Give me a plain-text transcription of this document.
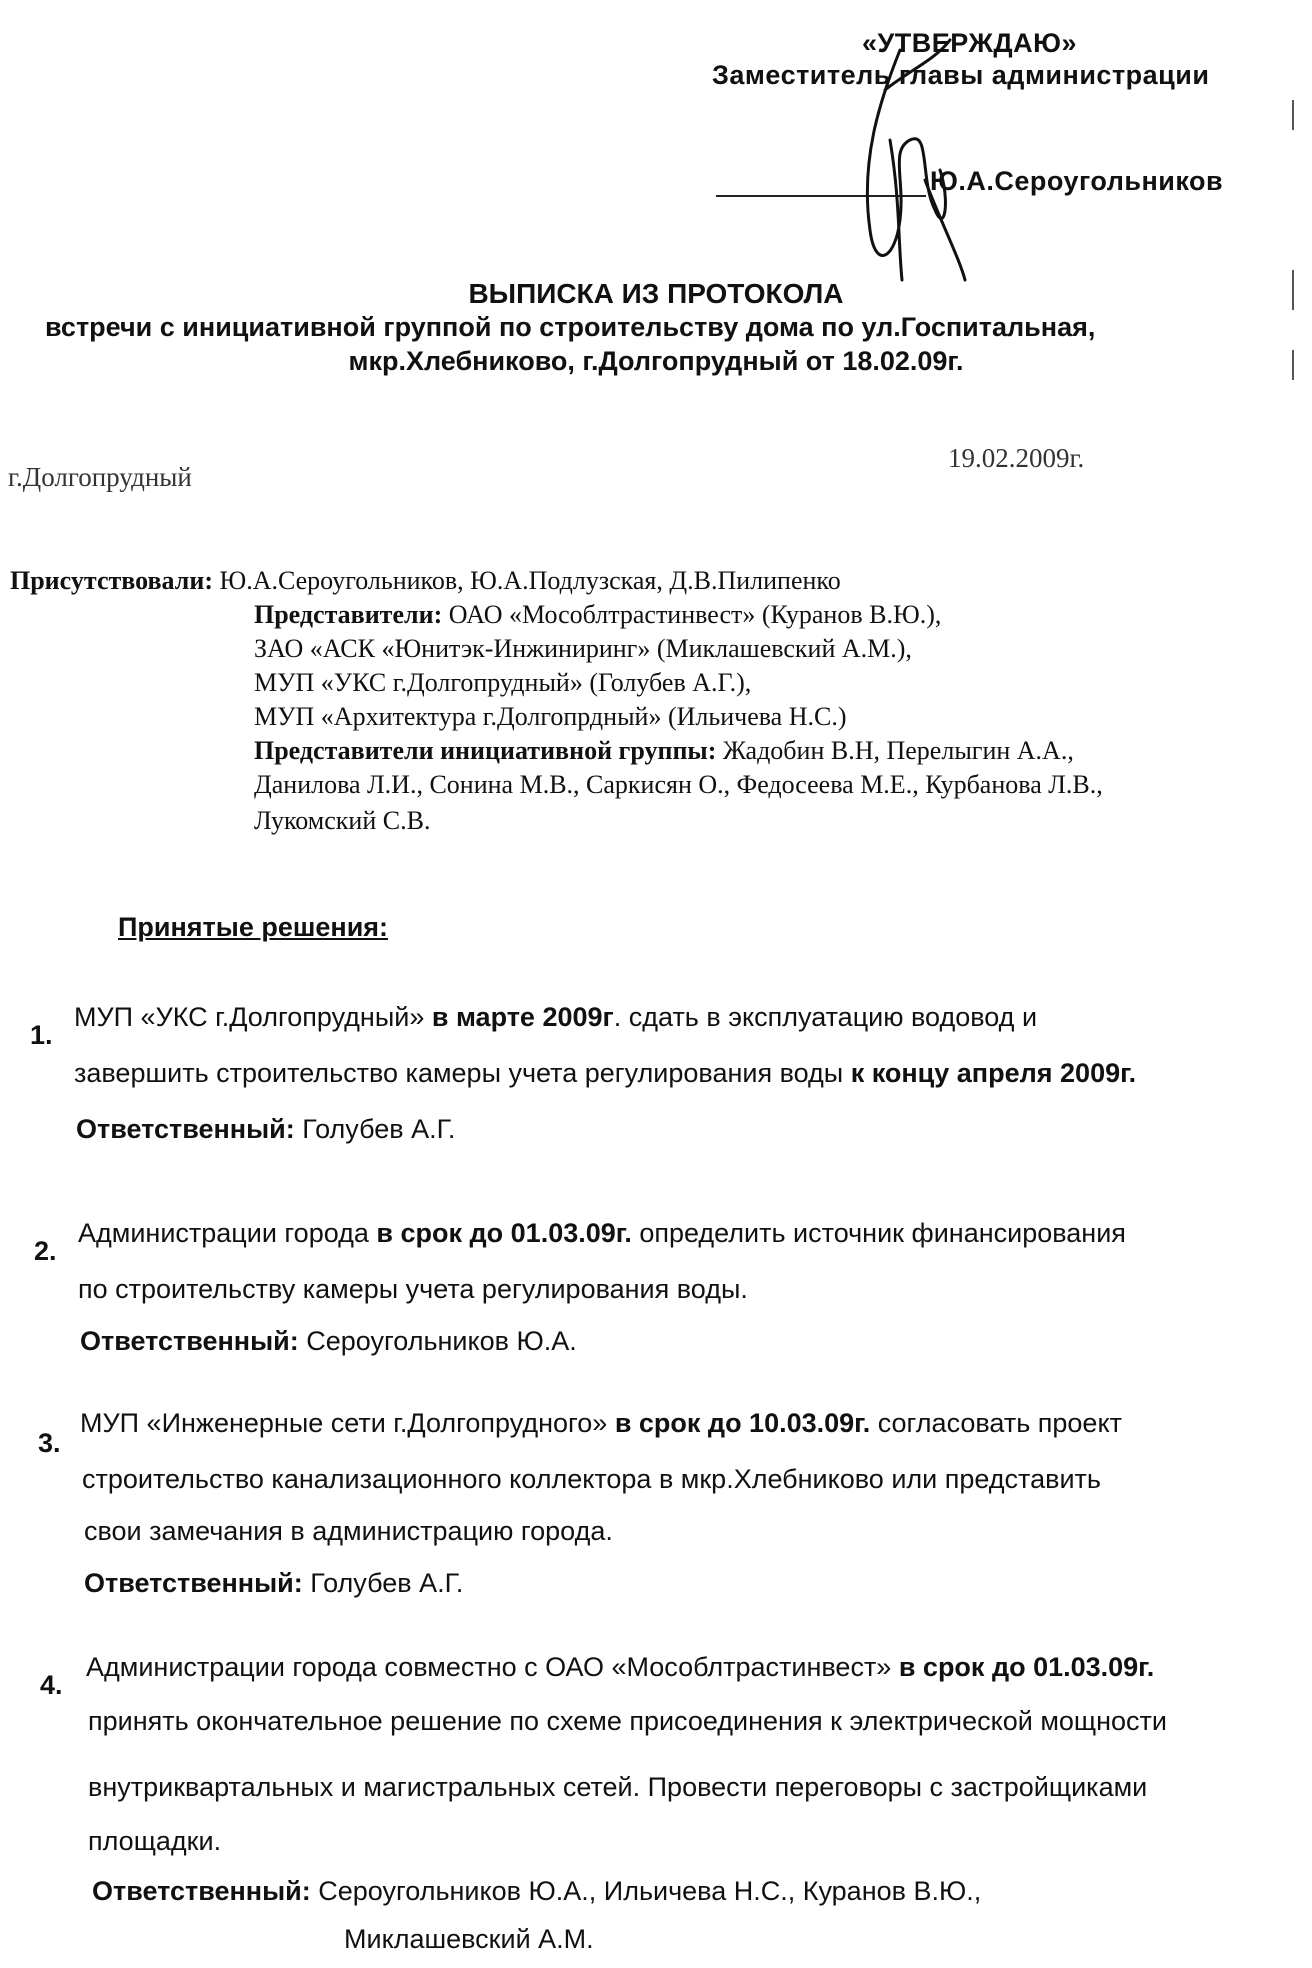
«УТВЕРЖДАЮ»
Заместитель главы администрации
Ю.А.Сероугольников
ВЫПИСКА ИЗ ПРОТОКОЛА
встречи с инициативной группой по строительству дома по ул.Госпитальная,
мкр.Хлебниково, г.Долгопрудный от 18.02.09г.
г.Долгопрудный
19.02.2009г.
Присутствовали: Ю.А.Сероугольников, Ю.А.Подлузская, Д.В.Пилипенко
Представители: ОАО «Мособлтрастинвест» (Куранов В.Ю.),
ЗАО «АСК «Юнитэк-Инжиниринг» (Миклашевский А.М.),
МУП «УКС г.Долгопрудный» (Голубев А.Г.),
МУП «Архитектура г.Долгопрдный» (Ильичева Н.С.)
Представители инициативной группы: Жадобин В.Н, Перелыгин А.А.,
Данилова Л.И., Сонина М.В., Саркисян О., Федосеева М.Е., Курбанова Л.В.,
Лукомский С.В.
Принятые решения:
1.
МУП «УКС г.Долгопрудный» в марте 2009г. сдать в эксплуатацию водовод и
завершить строительство камеры учета регулирования воды к концу апреля 2009г.
Ответственный: Голубев А.Г.
2.
Администрации города в срок до 01.03.09г. определить источник финансирования
по строительству камеры учета регулирования воды.
Ответственный: Сероугольников Ю.А.
3.
МУП «Инженерные сети г.Долгопрудного» в срок до 10.03.09г. согласовать проект
строительство канализационного коллектора в мкр.Хлебниково или представить
свои замечания в администрацию города.
Ответственный: Голубев А.Г.
4.
Администрации города совместно с ОАО «Мособлтрастинвест» в срок до 01.03.09г.
принять окончательное решение по схеме присоединения к электрической мощности
внутриквартальных и магистральных сетей. Провести переговоры с застройщиками
площадки.
Ответственный: Сероугольников Ю.А., Ильичева Н.С., Куранов В.Ю.,
Миклашевский А.М.
